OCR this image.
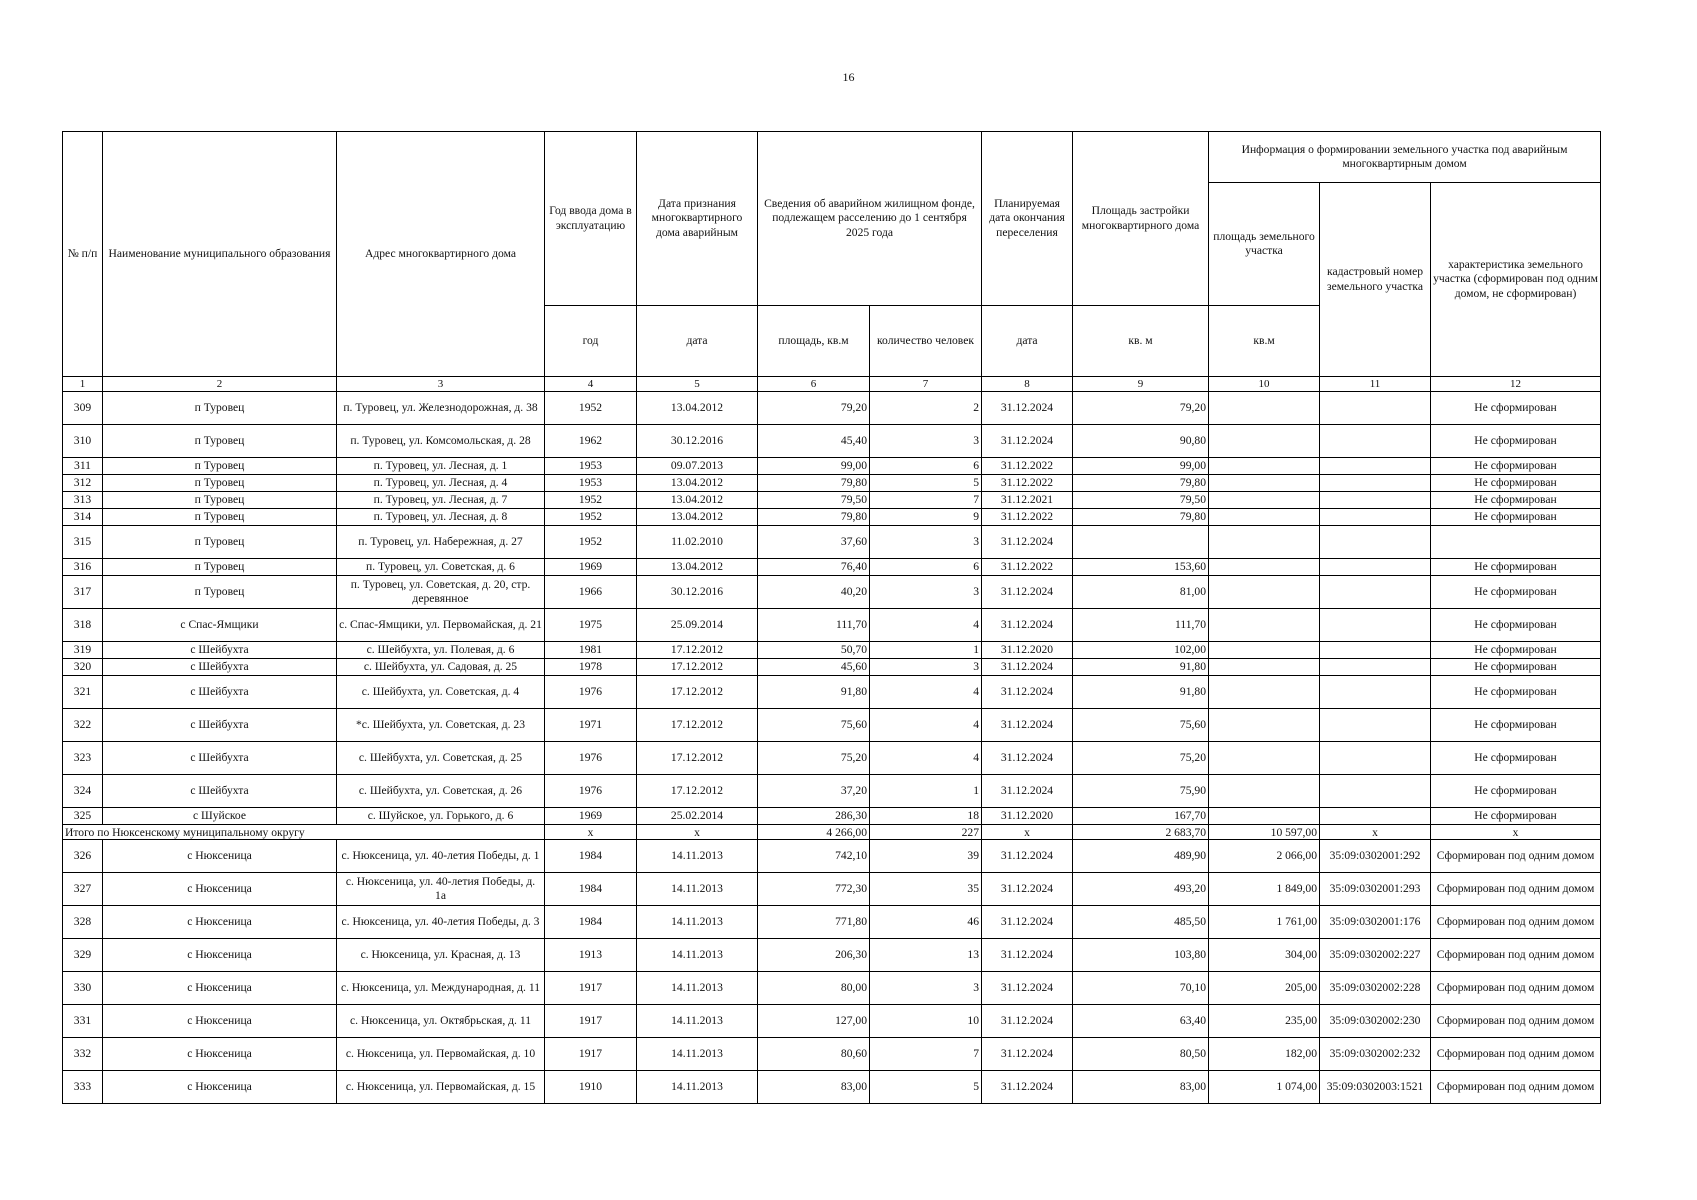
16
№ п/п	Наименование муниципального образования	Адрес многоквартирного дома	Год ввода дома в эксплуатацию	Дата признания многоквартирного дома аварийным	Сведения об аварийном жилищном фонде, подлежащем расселению до 1 сентября 2025 года		Планируемая дата окончания переселения	Площадь застройки многоквартирного дома	Информация о формировании земельного участка под аварийным многоквартирным домом		
									площадь земельного участка	кадастровый номер земельного участка	характеристика земельного участка (сформирован под одним домом, не сформирован)
			год	дата	площадь, кв.м	количество человек	дата	кв. м	кв.м		
1	2	3	4	5	6	7	8	9	10	11	12
309	п Туровец	п. Туровец, ул. Железнодорожная, д. 38	1952	13.04.2012	79,20	2	31.12.2024	79,20			Не сформирован
310	п Туровец	п. Туровец, ул. Комсомольская, д. 28	1962	30.12.2016	45,40	3	31.12.2024	90,80			Не сформирован
311	п Туровец	п. Туровец, ул. Лесная, д. 1	1953	09.07.2013	99,00	6	31.12.2022	99,00			Не сформирован
312	п Туровец	п. Туровец, ул. Лесная, д. 4	1953	13.04.2012	79,80	5	31.12.2022	79,80			Не сформирован
313	п Туровец	п. Туровец, ул. Лесная, д. 7	1952	13.04.2012	79,50	7	31.12.2021	79,50			Не сформирован
314	п Туровец	п. Туровец, ул. Лесная, д. 8	1952	13.04.2012	79,80	9	31.12.2022	79,80			Не сформирован
315	п Туровец	п. Туровец, ул. Набережная, д. 27	1952	11.02.2010	37,60	3	31.12.2024				
316	п Туровец	п. Туровец, ул. Советская, д. 6	1969	13.04.2012	76,40	6	31.12.2022	153,60			Не сформирован
317	п Туровец	п. Туровец, ул. Советская, д. 20, стр. деревянное	1966	30.12.2016	40,20	3	31.12.2024	81,00			Не сформирован
318	с Спас-Ямщики	с. Спас-Ямщики, ул. Первомайская, д. 21	1975	25.09.2014	111,70	4	31.12.2024	111,70			Не сформирован
319	с Шейбухта	с. Шейбухта, ул. Полевая, д. 6	1981	17.12.2012	50,70	1	31.12.2020	102,00			Не сформирован
320	с Шейбухта	с. Шейбухта, ул. Садовая, д. 25	1978	17.12.2012	45,60	3	31.12.2024	91,80			Не сформирован
321	с Шейбухта	с. Шейбухта, ул. Советская, д. 4	1976	17.12.2012	91,80	4	31.12.2024	91,80			Не сформирован
322	с Шейбухта	*с. Шейбухта, ул. Советская, д. 23	1971	17.12.2012	75,60	4	31.12.2024	75,60			Не сформирован
323	с Шейбухта	с. Шейбухта, ул. Советская, д. 25	1976	17.12.2012	75,20	4	31.12.2024	75,20			Не сформирован
324	с Шейбухта	с. Шейбухта, ул. Советская, д. 26	1976	17.12.2012	37,20	1	31.12.2024	75,90			Не сформирован
325	с Шуйское	с. Шуйское, ул. Горького, д. 6	1969	25.02.2014	286,30	18	31.12.2020	167,70			Не сформирован
Итого по Нюксенскому муниципальному округу			x	x	4 266,00	227	x	2 683,70	10 597,00	x	x
326	с Нюксеница	с. Нюксеница, ул. 40-летия Победы, д. 1	1984	14.11.2013	742,10	39	31.12.2024	489,90	2 066,00	35:09:0302001:292	Сформирован под одним домом
327	с Нюксеница	с. Нюксеница, ул. 40-летия Победы, д. 1а	1984	14.11.2013	772,30	35	31.12.2024	493,20	1 849,00	35:09:0302001:293	Сформирован под одним домом
328	с Нюксеница	с. Нюксеница, ул. 40-летия Победы, д. 3	1984	14.11.2013	771,80	46	31.12.2024	485,50	1 761,00	35:09:0302001:176	Сформирован под одним домом
329	с Нюксеница	с. Нюксеница, ул. Красная, д. 13	1913	14.11.2013	206,30	13	31.12.2024	103,80	304,00	35:09:0302002:227	Сформирован под одним домом
330	с Нюксеница	с. Нюксеница, ул. Международная, д. 11	1917	14.11.2013	80,00	3	31.12.2024	70,10	205,00	35:09:0302002:228	Сформирован под одним домом
331	с Нюксеница	с. Нюксеница, ул. Октябрьская, д. 11	1917	14.11.2013	127,00	10	31.12.2024	63,40	235,00	35:09:0302002:230	Сформирован под одним домом
332	с Нюксеница	с. Нюксеница, ул. Первомайская, д. 10	1917	14.11.2013	80,60	7	31.12.2024	80,50	182,00	35:09:0302002:232	Сформирован под одним домом
333	с Нюксеница	с. Нюксеница, ул. Первомайская, д. 15	1910	14.11.2013	83,00	5	31.12.2024	83,00	1 074,00	35:09:0302003:1521	Сформирован под одним домом
